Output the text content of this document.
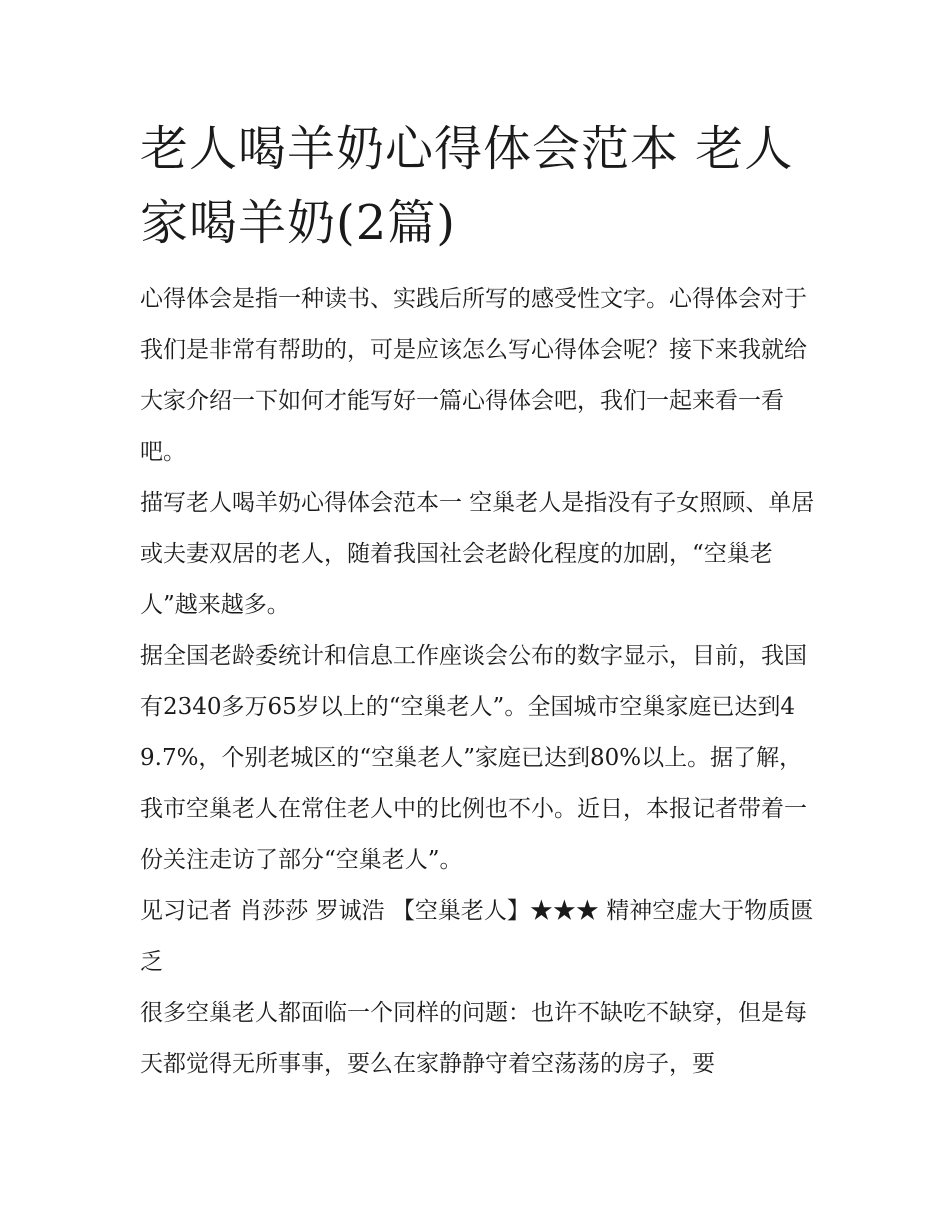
老人喝羊奶心得体会范本 老人家喝羊奶(2篇)

心得体会是指一种读书、实践后所写的感受性文字。心得体会对于我们是非常有帮助的，可是应该怎么写心得体会呢？接下来我就给大家介绍一下如何才能写好一篇心得体会吧，我们一起来看一看吧。

描写老人喝羊奶心得体会范本一 空巢老人是指没有子女照顾、单居或夫妻双居的老人，随着我国社会老龄化程度的加剧，“空巢老人”越来越多。

据全国老龄委统计和信息工作座谈会公布的数字显示，目前，我国有2340多万65岁以上的“空巢老人”。全国城市空巢家庭已达到49.7%，个别老城区的“空巢老人”家庭已达到80%以上。据了解，我市空巢老人在常住老人中的比例也不小。近日，本报记者带着一份关注走访了部分“空巢老人”。

见习记者 肖莎莎 罗诚浩 【空巢老人】★★★ 精神空虚大于物质匮乏

很多空巢老人都面临一个同样的问题：也许不缺吃不缺穿，但是每天都觉得无所事事，要么在家静静守着空荡荡的房子，要
